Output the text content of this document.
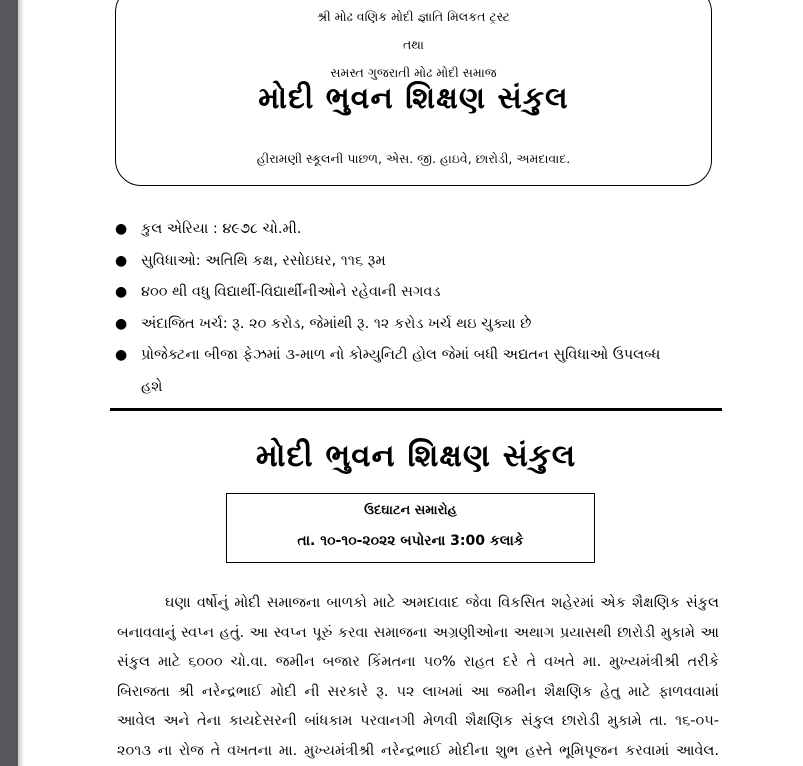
શ્રી મોઢ વણિક મોદી જ્ઞાતિ મિલકત ટ્રસ્ટ
તથા
સમસ્ત ગુજરાતી મોઢ મોદી સમાજ
મોદી ભુવન શિક્ષણ સંકુલ
હીરામણી સ્કૂલની પાછળ, એસ. જી. હાઇવે, છારોડી, અમદાવાદ.
● કુલ એરિયા : ૪૯૭૮ ચો.મી.
● સુવિધાઓ: અતિથિ કક્ષ, રસોઇઘર, ૧૧૬ રૂમ
● ૪૦૦ થી વધુ વિદ્યાર્થી-વિદ્યાર્થીનીઓને રહેવાની સગવડ
● અંદાજિત ખર્ચ: રૂ. ૨૦ કરોડ, જેમાંથી રૂ. ૧૨ કરોડ ખર્ચ થઇ ચુક્યા છે
● પ્રોજેક્ટના બીજા ફેઝમાં ૩-માળ નો કોમ્યુનિટી હોલ જેમાં બધી અદ્યતન સુવિધાઓ ઉપલબ્ધ
હશે
મોદી ભુવન શિક્ષણ સંકુલ
ઉદઘાટન સમારોહ
તા. ૧૦-૧૦-૨૦૨૨ બપોરના 3:00 કલાકે
ઘણા વર્ષોનું મોદી સમાજના બાળકો માટે અમદાવાદ જેવા વિકસિત શહેરમાં એક શૈક્ષણિક સંકુલ
બનાવવાનું સ્વપ્ન હતું. આ સ્વપ્ન પૂરું કરવા સમાજના અગ્રણીઓના અથાગ પ્રયાસથી છારોડી મુકામે આ
સંકુલ માટે ૬૦૦૦ ચો.વા. જમીન બજાર કિંમતના ૫૦% રાહત દરે તે વખતે મા. મુખ્યમંત્રીશ્રી તરીકે
બિરાજતા શ્રી નરેન્દ્રભાઈ મોદી ની સરકારે રૂ. ૫૨ લાખમાં આ જમીન શૈક્ષણિક હેતુ માટે ફાળવવામાં
આવેલ અને તેના કાયદેસરની બાંધકામ પરવાનગી મેળવી શૈક્ષણિક સંકુલ છારોડી મુકામે તા. ૧૬-૦૫-
૨૦૧૩ ના રોજ તે વખતના મા. મુખ્યમંત્રીશ્રી નરેન્દ્રભાઈ મોદીના શુભ હસ્તે ભૂમિપૂજન કરવામાં આવેલ.
